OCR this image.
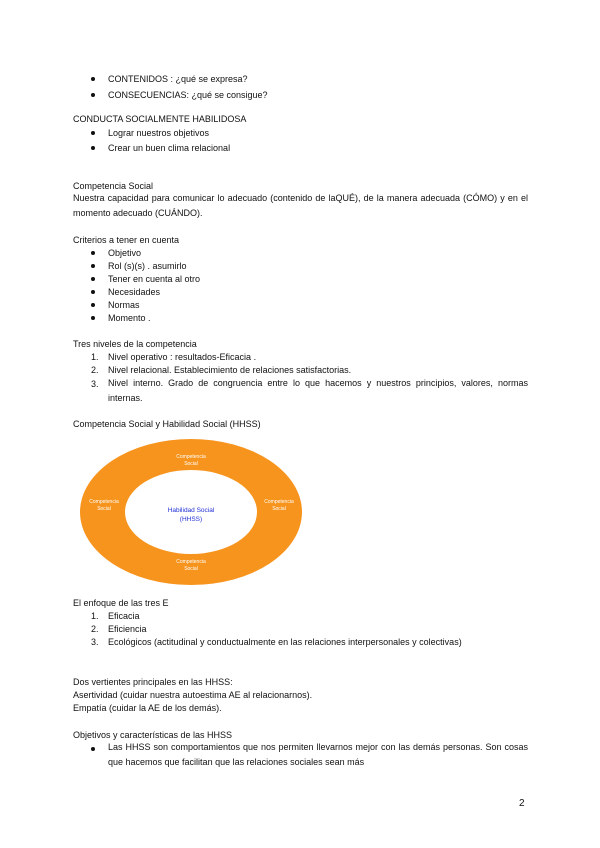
CONTENIDOS : ¿qué se expresa?
CONSECUENCIAS: ¿qué se consigue?
CONDUCTA SOCIALMENTE HABILIDOSA
Lograr nuestros objetivos
Crear un buen clima relacional
Competencia Social
Nuestra capacidad para comunicar lo adecuado (contenido de laQUÉ), de la manera adecuada (CÓMO) y en el momento adecuado (CUÁNDO).
Criterios a tener en cuenta
Objetivo
Rol (s)(s) . asumirlo
Tener en cuenta al otro
Necesidades
Normas
Momento .
Tres niveles de la competencia
1. Nivel operativo : resultados-Eficacia .
2. Nivel relacional. Establecimiento de relaciones satisfactorias.
3. Nivel interno. Grado de congruencia entre lo que hacemos y nuestros principios, valores, normas internas.
Competencia Social y Habilidad Social (HHSS)
Competencia
Social
Competencia
Social
Competencia
Social
Competencia
Social
Habilidad Social
(HHSS)
El enfoque de las tres E
1. Eficacia
2. Eficiencia
3. Ecológicos (actitudinal y conductualmente en las relaciones interpersonales y colectivas)
Dos vertientes principales en las HHSS:
Asertividad (cuidar nuestra autoestima AE al relacionarnos).
Empatía (cuidar la AE de los demás).
Objetivos y características de las HHSS
Las HHSS son comportamientos que nos permiten llevarnos mejor con las demás personas. Son cosas que hacemos que facilitan que las relaciones sociales sean más
2
